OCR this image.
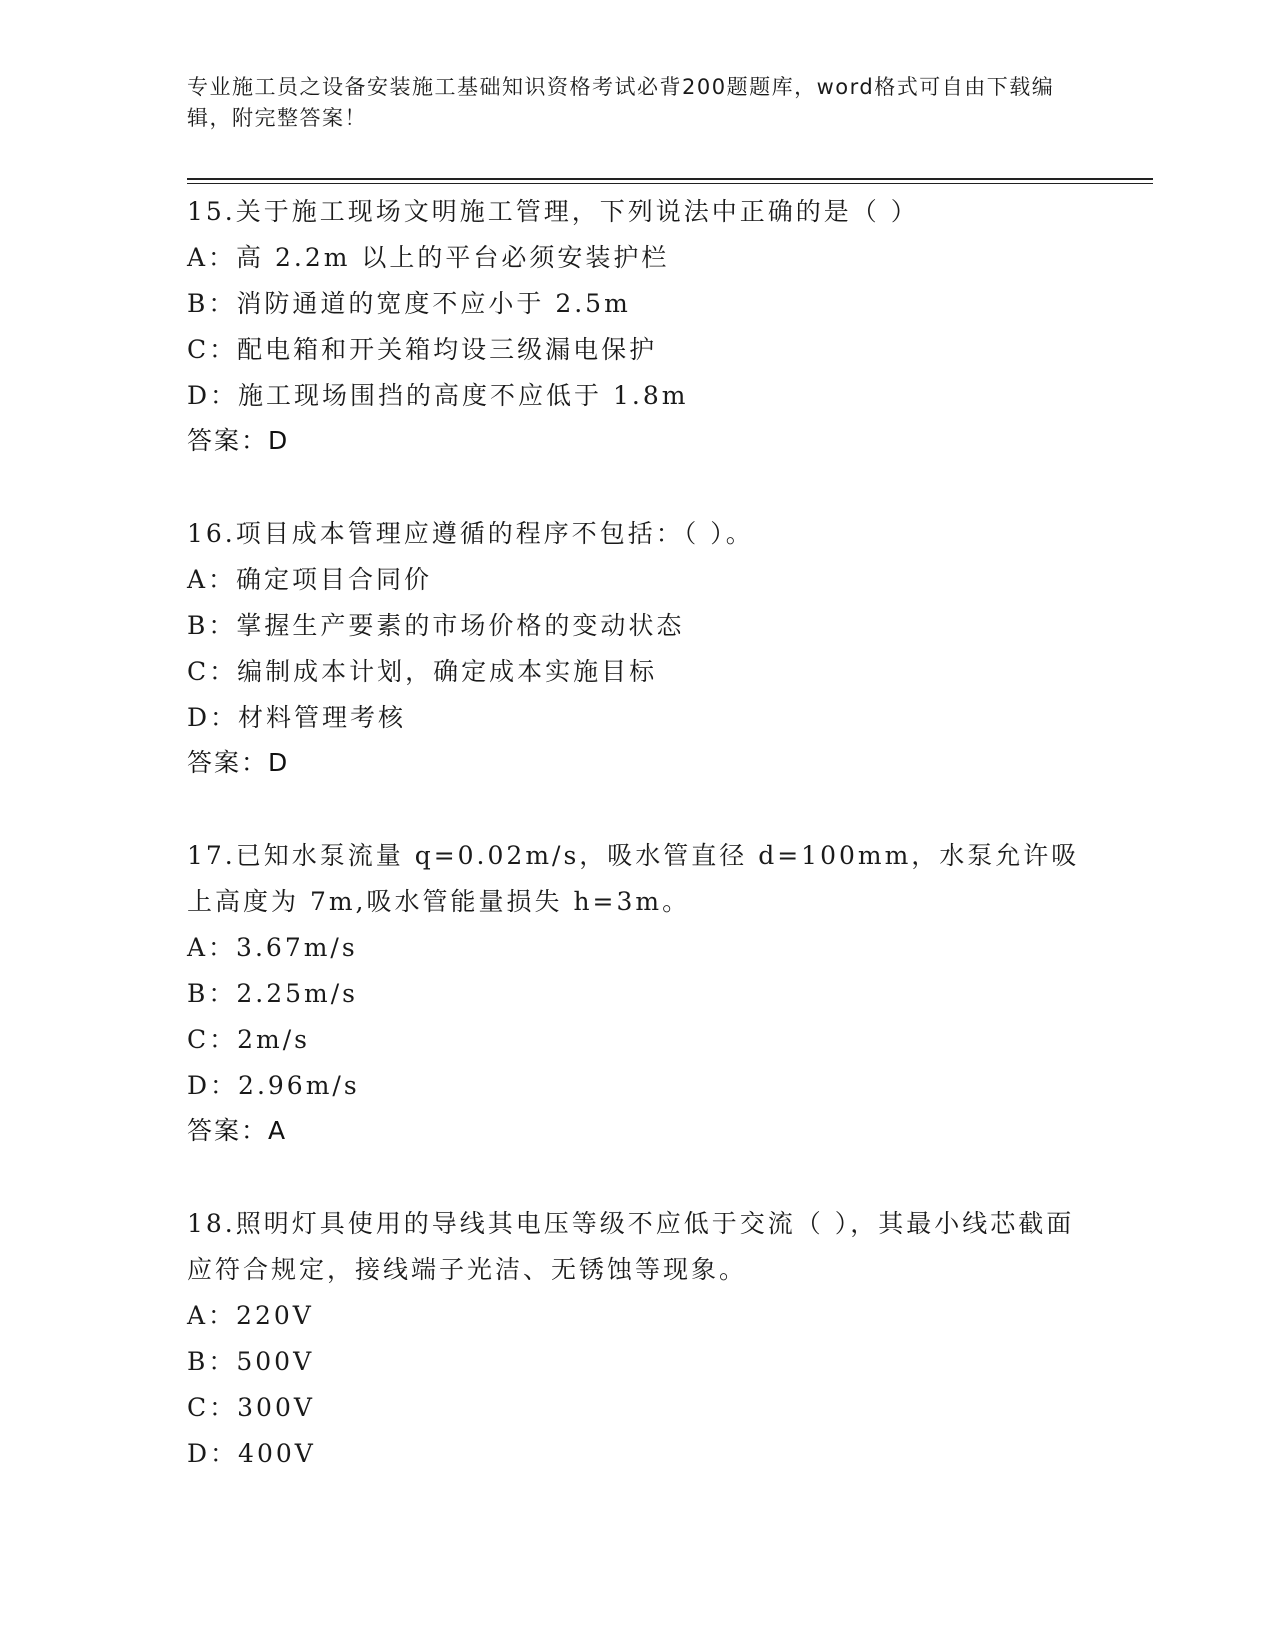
专业施工员之设备安装施工基础知识资格考试必背200题题库，word格式可自由下载编辑，附完整答案！

15.关于施工现场文明施工管理，下列说法中正确的是（ ）

A：高 2.2m 以上的平台必须安装护栏

B：消防通道的宽度不应小于 2.5m

C：配电箱和开关箱均设三级漏电保护

D：施工现场围挡的高度不应低于 1.8m

答案：D

16.项目成本管理应遵循的程序不包括：（ ）。

A：确定项目合同价

B：掌握生产要素的市场价格的变动状态

C：编制成本计划，确定成本实施目标

D：材料管理考核

答案：D

17.已知水泵流量 q=0.02m/s，吸水管直径 d=100mm，水泵允许吸上高度为 7m,吸水管能量损失 h=3m。

A：3.67m/s

B：2.25m/s

C：2m/s

D：2.96m/s

答案：A

18.照明灯具使用的导线其电压等级不应低于交流（ ），其最小线芯截面应符合规定，接线端子光洁、无锈蚀等现象。

A：220V

B：500V

C：300V

D：400V
